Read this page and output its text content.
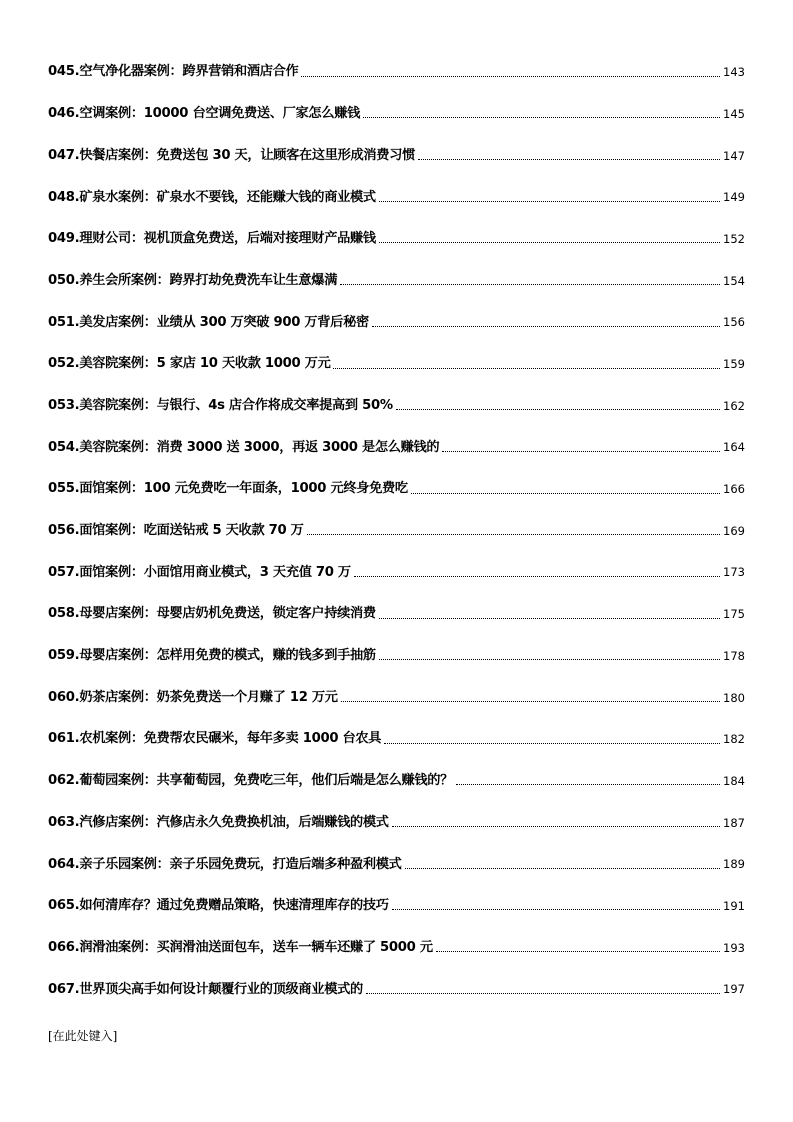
045.空气净化器案例：跨界营销和酒店合作	143
046.空调案例：10000 台空调免费送、厂家怎么赚钱	145
047.快餐店案例：免费送包 30 天，让顾客在这里形成消费习惯	147
048.矿泉水案例：矿泉水不要钱，还能赚大钱的商业模式	149
049.理财公司：视机顶盒免费送，后端对接理财产品赚钱	152
050.养生会所案例：跨界打劫免费洗车让生意爆满	154
051.美发店案例：业绩从 300 万突破 900 万背后秘密	156
052.美容院案例：5 家店 10 天收款 1000 万元	159
053.美容院案例：与银行、4s 店合作将成交率提高到 50%	162
054.美容院案例：消费 3000 送 3000，再返 3000 是怎么赚钱的	164
055.面馆案例：100 元免费吃一年面条，1000 元终身免费吃	166
056.面馆案例：吃面送钻戒 5 天收款 70 万	169
057.面馆案例：小面馆用商业模式，3 天充值 70 万	173
058.母婴店案例：母婴店奶机免费送，锁定客户持续消费	175
059.母婴店案例：怎样用免费的模式，赚的钱多到手抽筋	178
060.奶茶店案例：奶茶免费送一个月赚了 12 万元	180
061.农机案例：免费帮农民碾米，每年多卖 1000 台农具	182
062.葡萄园案例：共享葡萄园，免费吃三年，他们后端是怎么赚钱的？	184
063.汽修店案例：汽修店永久免费换机油，后端赚钱的模式	187
064.亲子乐园案例：亲子乐园免费玩，打造后端多种盈利模式	189
065.如何清库存？通过免费赠品策略，快速清理库存的技巧	191
066.润滑油案例：买润滑油送面包车，送车一辆车还赚了 5000 元	193
067.世界顶尖高手如何设计颠覆行业的顶级商业模式的	197
[在此处键入]
